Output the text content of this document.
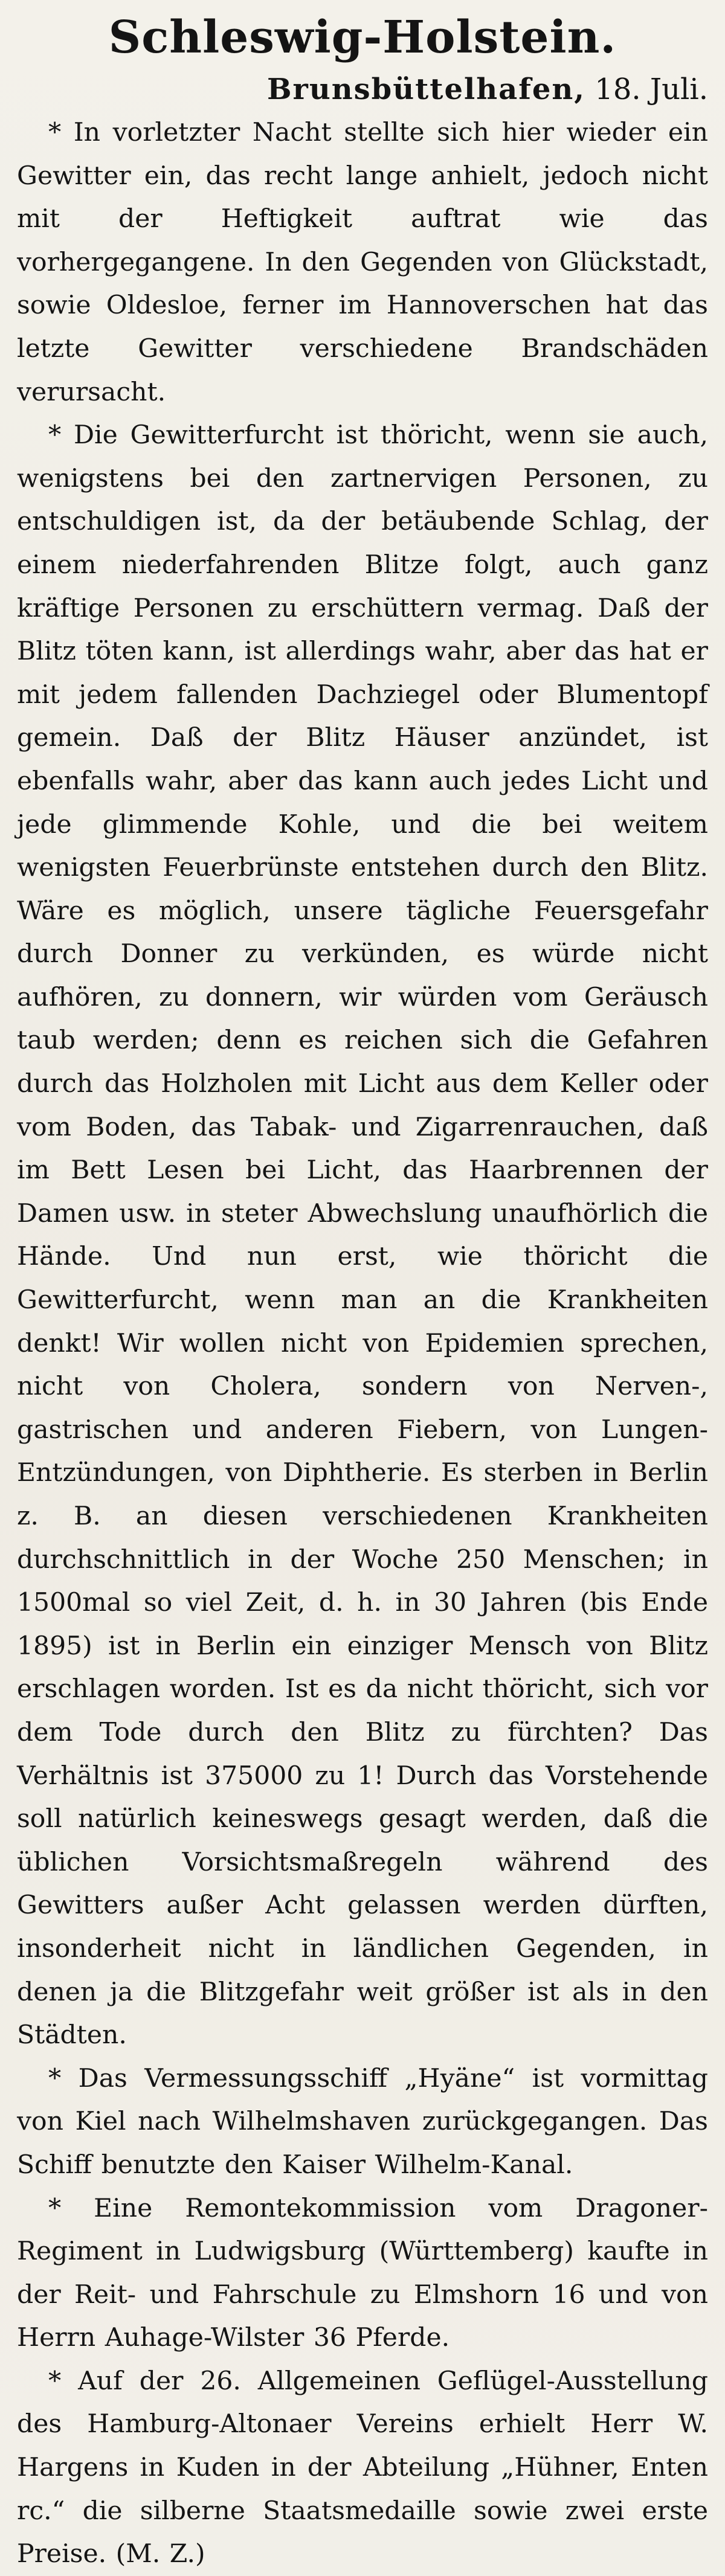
Schleswig-Holstein.
Brunsbüttelhafen, 18. Juli.

* In vorletzter Nacht stellte sich hier wieder ein Gewitter ein, das recht lange anhielt, jedoch nicht mit der Heftigkeit auftrat wie das vorhergegangene. In den Gegenden von Glückstadt, sowie Oldesloe, ferner im Hannoverschen hat das letzte Gewitter verschiedene Brandschäden verursacht.

* Die Gewitterfurcht ist thöricht, wenn sie auch, wenigstens bei den zartnervigen Personen, zu entschuldigen ist, da der betäubende Schlag, der einem niederfahrenden Blitze folgt, auch ganz kräftige Personen zu erschüttern vermag. Daß der Blitz töten kann, ist allerdings wahr, aber das hat er mit jedem fallenden Dachziegel oder Blumentopf gemein. Daß der Blitz Häuser anzündet, ist ebenfalls wahr, aber das kann auch jedes Licht und jede glimmende Kohle, und die bei weitem wenigsten Feuerbrünste entstehen durch den Blitz. Wäre es möglich, unsere tägliche Feuersgefahr durch Donner zu verkünden, es würde nicht aufhören, zu donnern, wir würden vom Geräusch taub werden; denn es reichen sich die Gefahren durch das Holzholen mit Licht aus dem Keller oder vom Boden, das Tabak- und Zigarrenrauchen, daß im Bett Lesen bei Licht, das Haarbrennen der Damen usw. in steter Abwechslung unaufhörlich die Hände. Und nun erst, wie thöricht die Gewitterfurcht, wenn man an die Krankheiten denkt! Wir wollen nicht von Epidemien sprechen, nicht von Cholera, sondern von Nerven-, gastrischen und anderen Fiebern, von Lungen-Entzündungen, von Diphtherie. Es sterben in Berlin z. B. an diesen verschiedenen Krankheiten durchschnittlich in der Woche 250 Menschen; in 1500mal so viel Zeit, d. h. in 30 Jahren (bis Ende 1895) ist in Berlin ein einziger Mensch von Blitz erschlagen worden. Ist es da nicht thöricht, sich vor dem Tode durch den Blitz zu fürchten? Das Verhältnis ist 375000 zu 1! Durch das Vorstehende soll natürlich keineswegs gesagt werden, daß die üblichen Vorsichtsmaßregeln während des Gewitters außer Acht gelassen werden dürften, insonderheit nicht in ländlichen Gegenden, in denen ja die Blitzgefahr weit größer ist als in den Städten.

* Das Vermessungsschiff „Hyäne“ ist vormittag von Kiel nach Wilhelmshaven zurückgegangen. Das Schiff benutzte den Kaiser Wilhelm-Kanal.

* Eine Remontekommission vom Dragoner-Regiment in Ludwigsburg (Württemberg) kaufte in der Reit- und Fahrschule zu Elmshorn 16 und von Herrn Auhage-Wilster 36 Pferde.

* Auf der 26. Allgemeinen Geflügel-Ausstellung des Hamburg-Altonaer Vereins erhielt Herr W. Hargens in Kuden in der Abteilung „Hühner, Enten rc.“ die silberne Staatsmedaille sowie zwei erste Preise. (M. Z.)
